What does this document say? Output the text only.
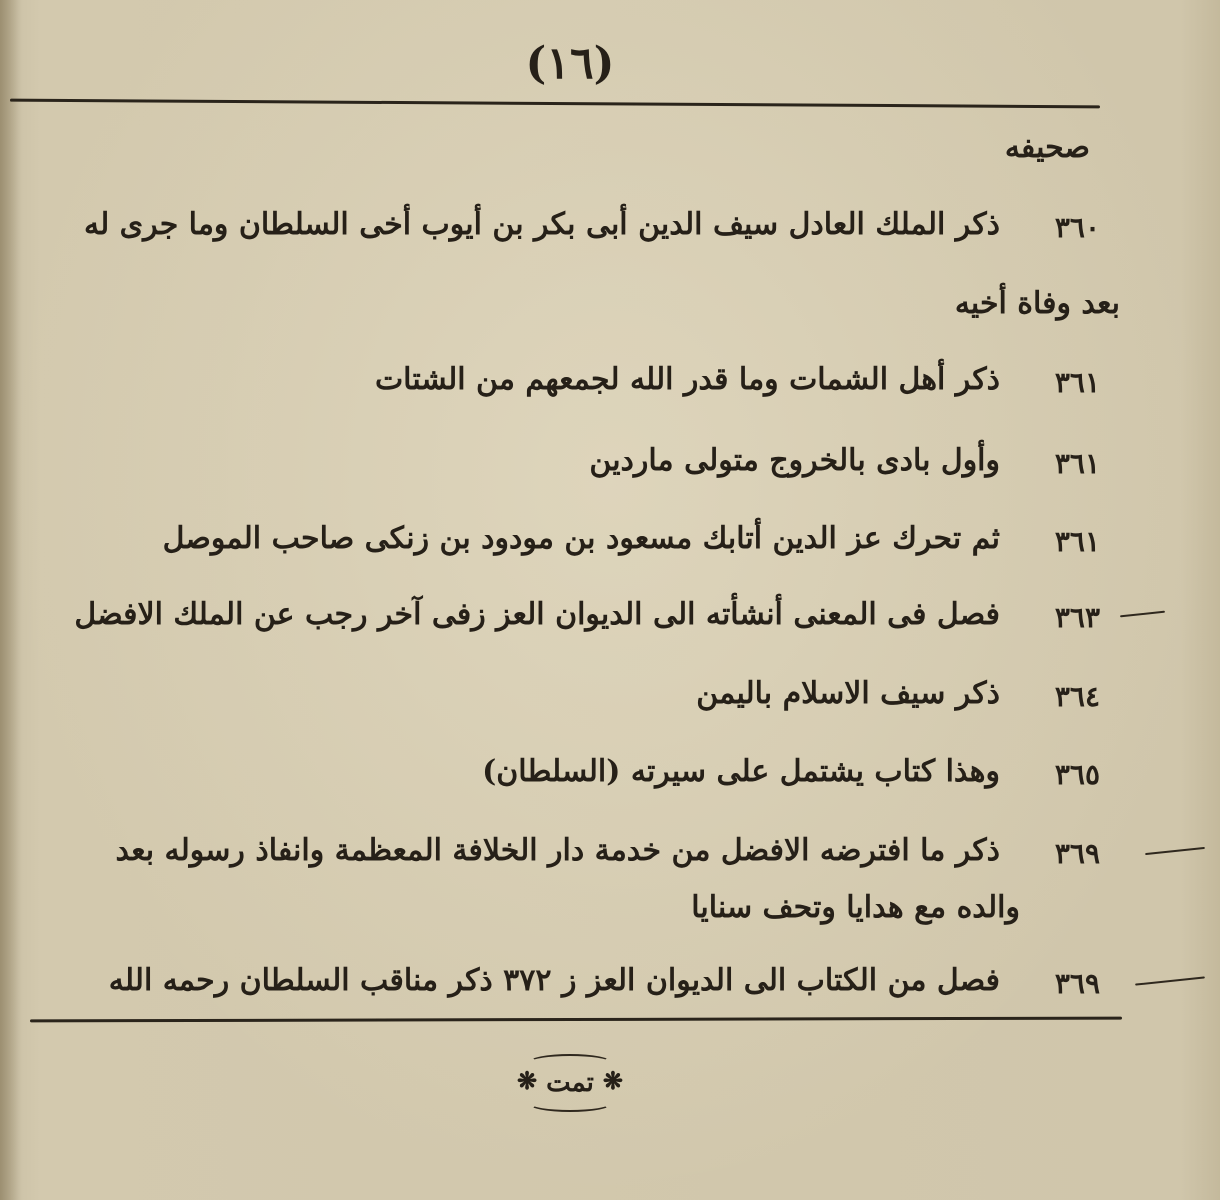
(١٦)
صحيفه
٣٦٠
ذكر الملك العادل سيف الدين أبى بكر بن أيوب أخى السلطان وما جرى له
بعد وفاة أخيه
٣٦١
ذكر أهل الشمات وما قدر الله لجمعهم من الشتات
٣٦١
وأول بادى بالخروج متولى ماردين
٣٦١
ثم تحرك عز الدين أتابك مسعود بن مودود بن زنكى صاحب الموصل
٣٦٣
فصل فى المعنى أنشأته الى الديوان العز زفى آخر رجب عن الملك الافضل
٣٦٤
ذكر سيف الاسلام باليمن
٣٦٥
وهذا كتاب يشتمل على سيرته (السلطان)
٣٦٩
ذكر ما افترضه الافضل من خدمة دار الخلافة المعظمة وانفاذ رسوله بعد
والده مع هدايا وتحف سنايا
٣٦٩
فصل من الكتاب الى الديوان العز ز ٣٧٢ ذكر مناقب السلطان رحمه الله
❋ تمت ❋
